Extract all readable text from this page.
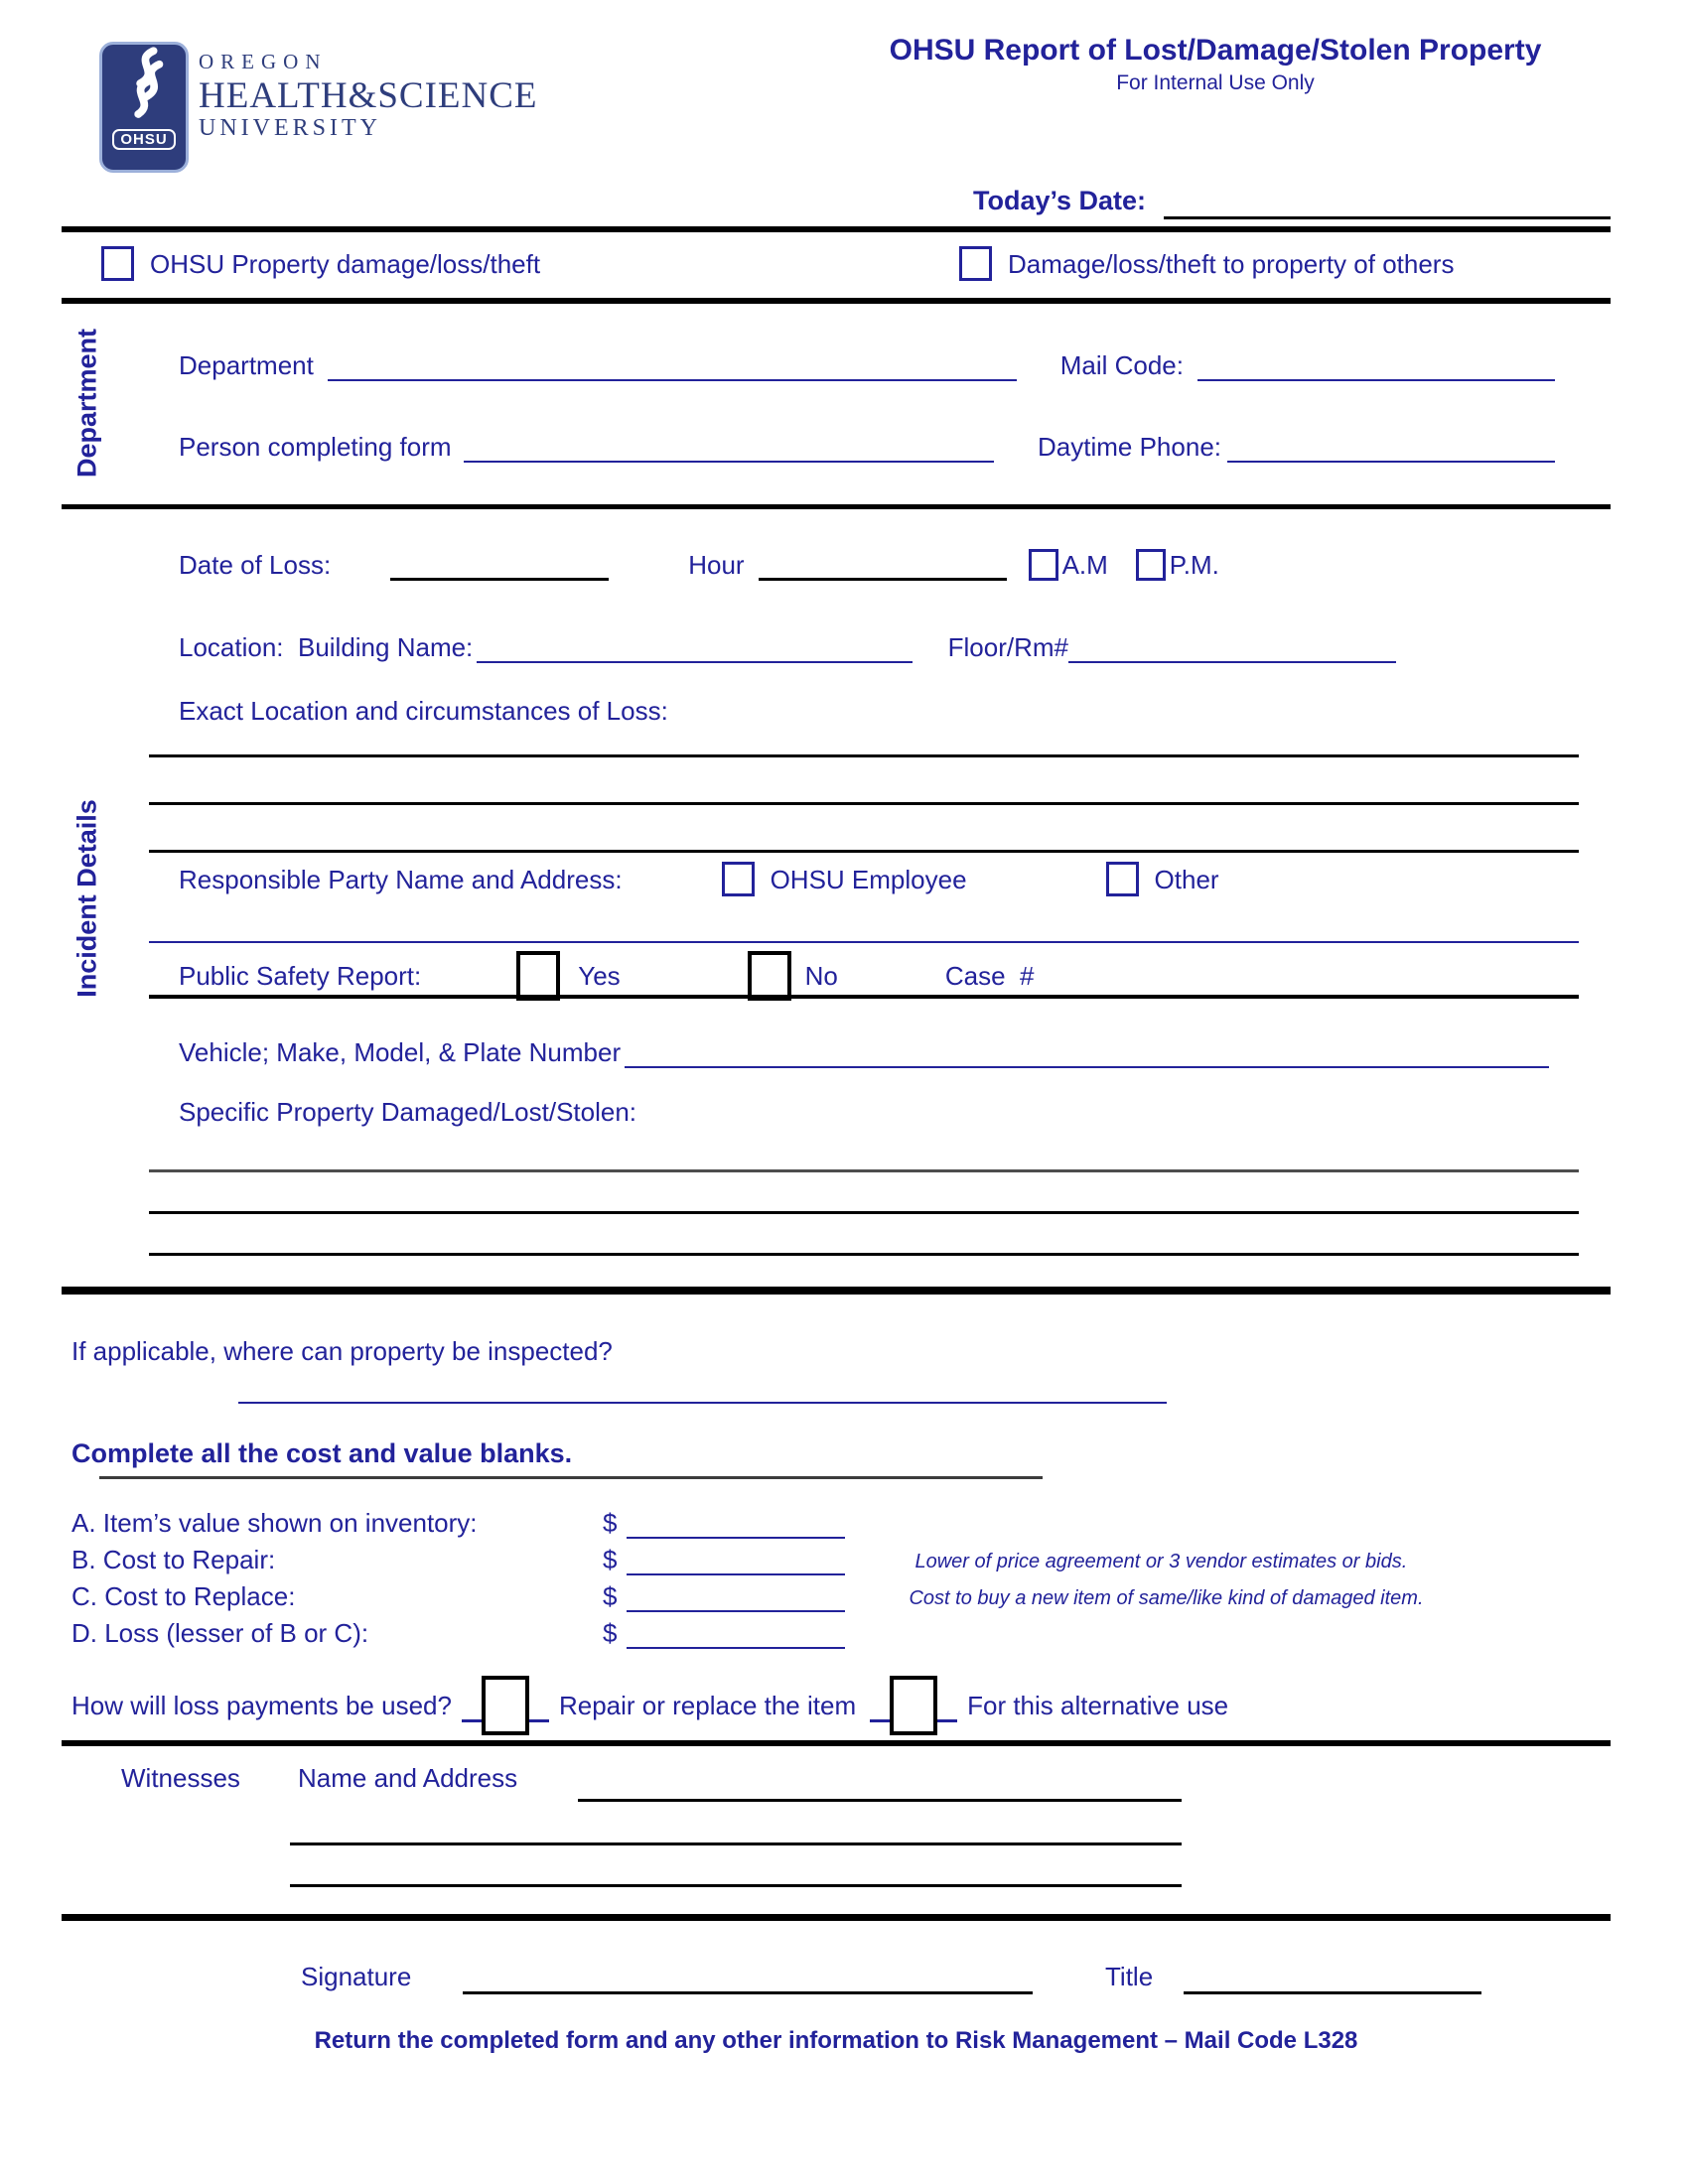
OHSU
OREGON
HEALTH&SCIENCE
UNIVERSITY
OHSU Report of Lost/Damage/Stolen Property
For Internal Use Only
Today’s Date:
OHSU Property damage/loss/theft	Damage/loss/theft to property of others
Department	Department	Mail Code:
Person completing form	Daytime Phone:
Incident Details
Date of Loss:	Hour	A.M P.M.
Location:  Building Name:	Floor/Rm#
Exact Location and circumstances of Loss:
Responsible Party Name and Address:	OHSU Employee	Other
Public Safety Report:	Yes	No	Case  #
Vehicle; Make, Model, & Plate Number
Specific Property Damaged/Lost/Stolen:
If applicable, where can property be inspected?
Complete all the cost and value blanks.
A. Item’s value shown on inventory:	$
B. Cost to Repair:	$	Lower of price agreement or 3 vendor estimates or bids.
C. Cost to Replace:	$	Cost to buy a new item of same/like kind of damaged item.
D. Loss (lesser of B or C):	$
How will loss payments be used?	Repair or replace the item	For this alternative use
Witnesses Name and Address
Signature	Title
Return the completed form and any other information to Risk Management – Mail Code L328
